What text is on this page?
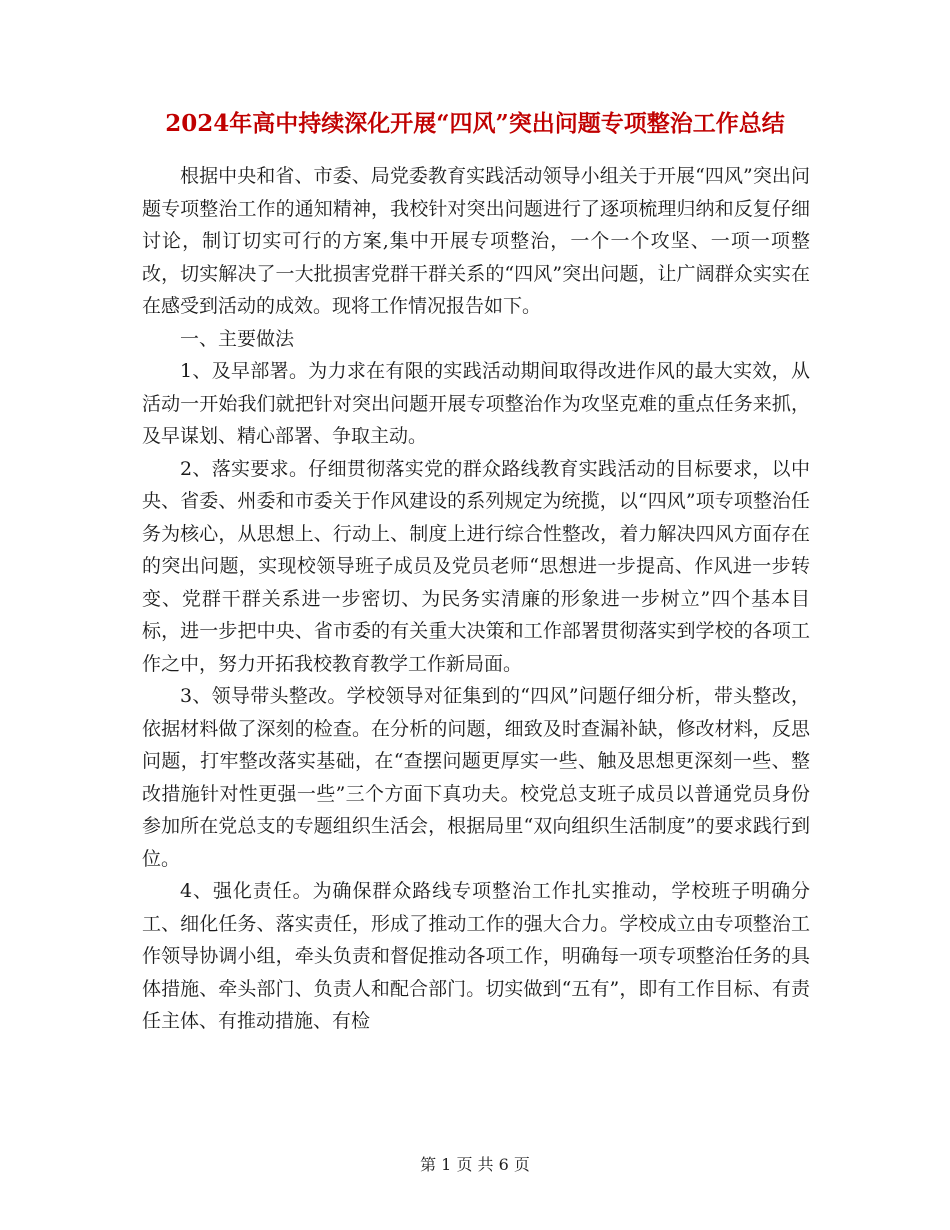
2024年高中持续深化开展“四风”突出问题专项整治工作总结

根据中央和省、市委、局党委教育实践活动领导小组关于开展“四风”突出问题专项整治工作的通知精神，我校针对突出问题进行了逐项梳理归纳和反复仔细讨论，制订切实可行的方案,集中开展专项整治，一个一个攻坚、一项一项整改，切实解决了一大批损害党群干群关系的“四风”突出问题，让广阔群众实实在在感受到活动的成效。现将工作情况报告如下。

一、主要做法

1、及早部署。为力求在有限的实践活动期间取得改进作风的最大实效，从活动一开始我们就把针对突出问题开展专项整治作为攻坚克难的重点任务来抓，及早谋划、精心部署、争取主动。

2、落实要求。仔细贯彻落实党的群众路线教育实践活动的目标要求，以中央、省委、州委和市委关于作风建设的系列规定为统揽，以“四风”项专项整治任务为核心，从思想上、行动上、制度上进行综合性整改，着力解决四风方面存在的突出问题，实现校领导班子成员及党员老师“思想进一步提高、作风进一步转变、党群干群关系进一步密切、为民务实清廉的形象进一步树立”四个基本目标，进一步把中央、省市委的有关重大决策和工作部署贯彻落实到学校的各项工作之中，努力开拓我校教育教学工作新局面。

3、领导带头整改。学校领导对征集到的“四风”问题仔细分析，带头整改，依据材料做了深刻的检查。在分析的问题，细致及时查漏补缺，修改材料，反思问题，打牢整改落实基础，在“查摆问题更厚实一些、触及思想更深刻一些、整改措施针对性更强一些”三个方面下真功夫。校党总支班子成员以普通党员身份参加所在党总支的专题组织生活会，根据局里“双向组织生活制度”的要求践行到位。

4、强化责任。为确保群众路线专项整治工作扎实推动，学校班子明确分工、细化任务、落实责任，形成了推动工作的强大合力。学校成立由专项整治工作领导协调小组，牵头负责和督促推动各项工作，明确每一项专项整治任务的具体措施、牵头部门、负责人和配合部门。切实做到“五有”，即有工作目标、有责任主体、有推动措施、有检

第 1 页 共 6 页
